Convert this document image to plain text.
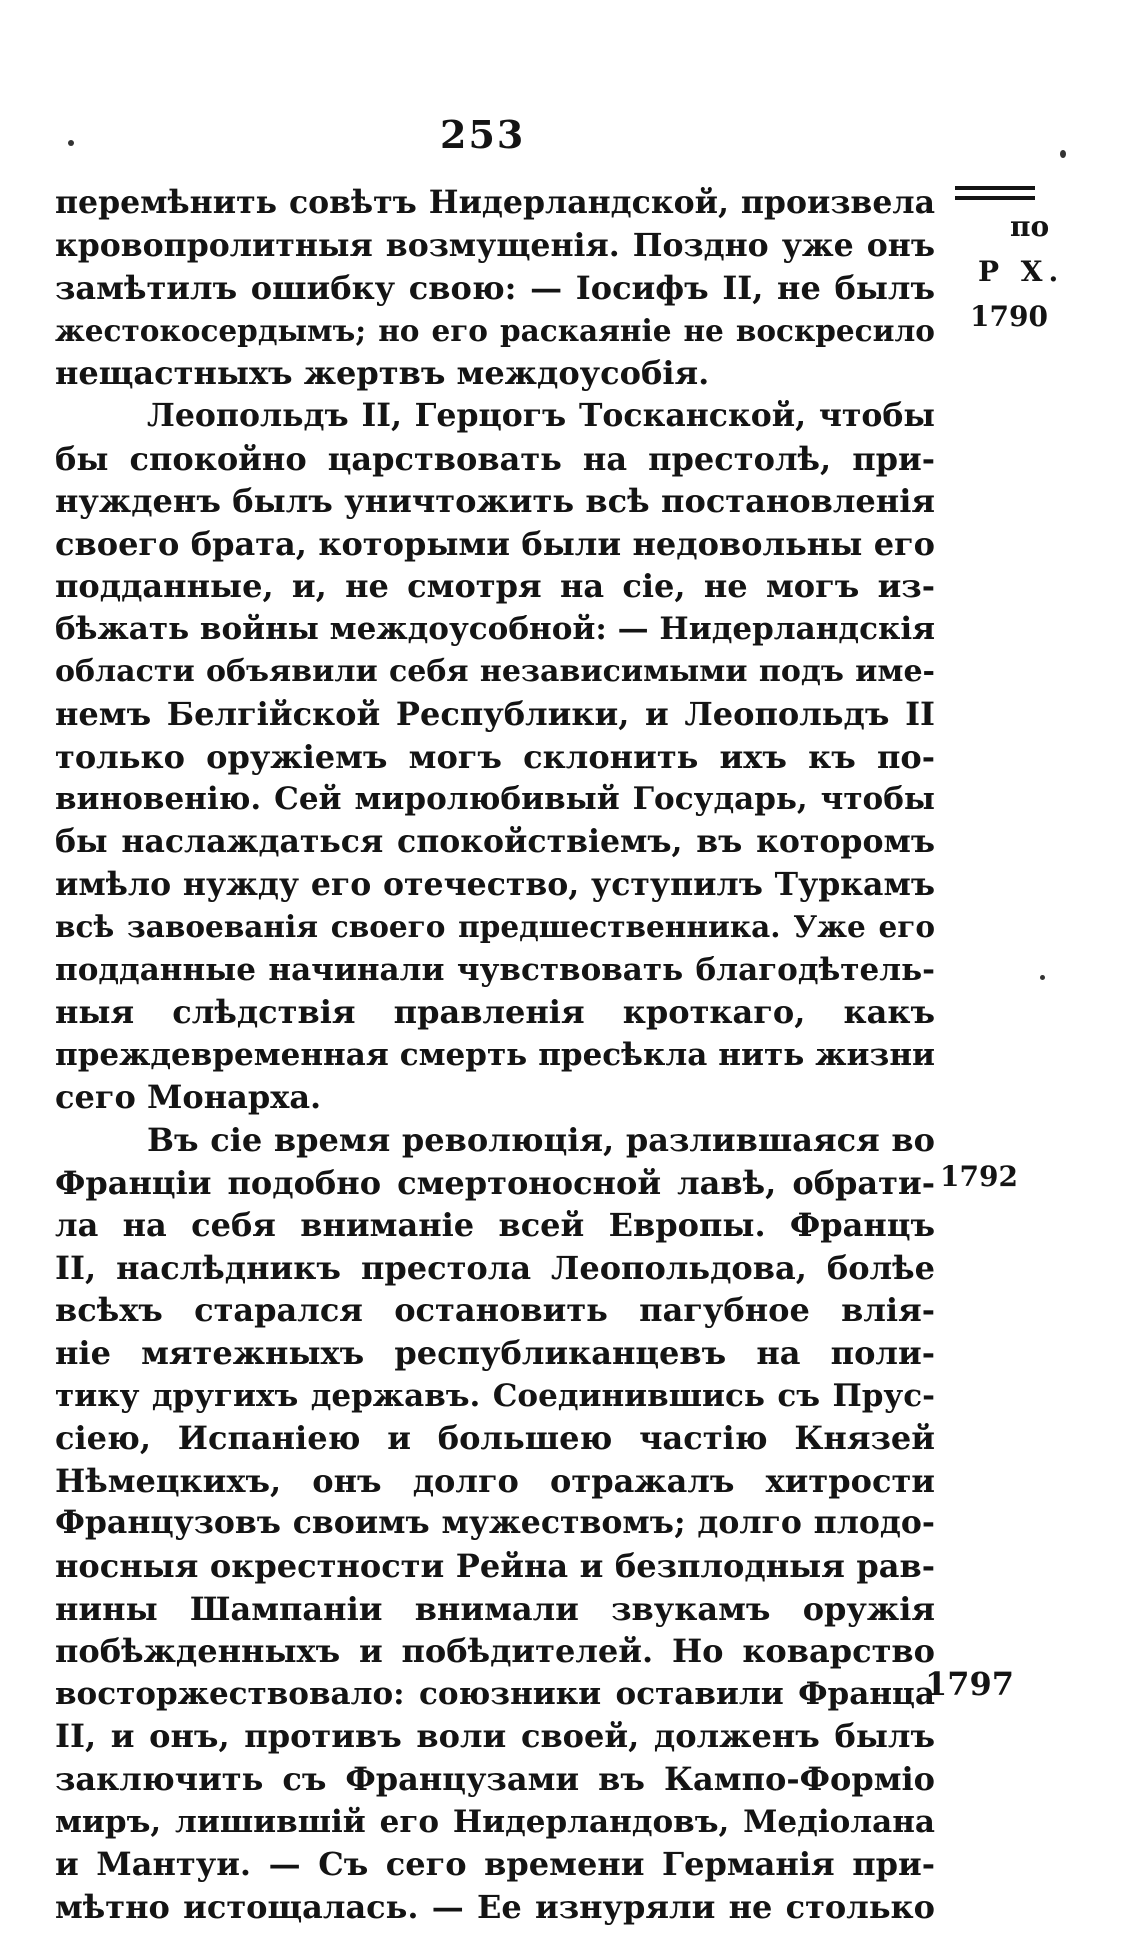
253
по
Р Х.
1790
1792
1797
перемѣнить совѣтъ Нидерландской, произвела
кровопролитныя возмущенія. Поздно уже онъ
замѣтилъ ошибку свою: — Іосифъ II, не былъ
жестокосердымъ; но его раскаяніе не воскресило
нещастныхъ жертвъ междоусобія.
Леопольдъ II, Герцогъ Тосканской, чтобы
бы спокойно царствовать на престолѣ, при-
нужденъ былъ уничтожить всѣ постановленія
своего брата, которыми были недовольны его
подданные, и, не смотря на сіе, не могъ из-
бѣжать войны междоусобной: — Нидерландскія
области объявили себя независимыми подъ име-
немъ Белгійской Республики, и Леопольдъ II
только оружіемъ могъ склонить ихъ къ по-
виновенію. Сей миролюбивый Государь, чтобы
бы наслаждаться спокойствіемъ, въ которомъ
имѣло нужду его отечество, уступилъ Туркамъ
всѣ завоеванія своего предшественника. Уже его
подданные начинали чувствовать благодѣтель-
ныя слѣдствія правленія кроткаго, какъ
преждевременная смерть пресѣкла нить жизни
сего Монарха.
Въ сіе время революція, разлившаяся во
Франціи подобно смертоносной лавѣ, обрати-
ла на себя вниманіе всей Европы. Францъ
II, наслѣдникъ престола Леопольдова, болѣе
всѣхъ старался остановить пагубное влія-
ніе мятежныхъ республиканцевъ на поли-
тику другихъ державъ. Соединившись съ Прус-
сіею, Испаніею и большею частію Князей
Нѣмецкихъ, онъ долго отражалъ хитрости
Французовъ своимъ мужествомъ; долго плодо-
носныя окрестности Рейна и безплодныя рав-
нины Шампаніи внимали звукамъ оружія
побѣжденныхъ и побѣдителей. Но коварство
восторжествовало: союзники оставили Франца
II, и онъ, противъ воли своей, долженъ былъ
заключить съ Французами въ Кампо-Форміо
миръ, лишившій его Нидерландовъ, Медіолана
и Мантуи. — Съ сего времени Германія при-
мѣтно истощалась. — Ее изнуряли не столько
